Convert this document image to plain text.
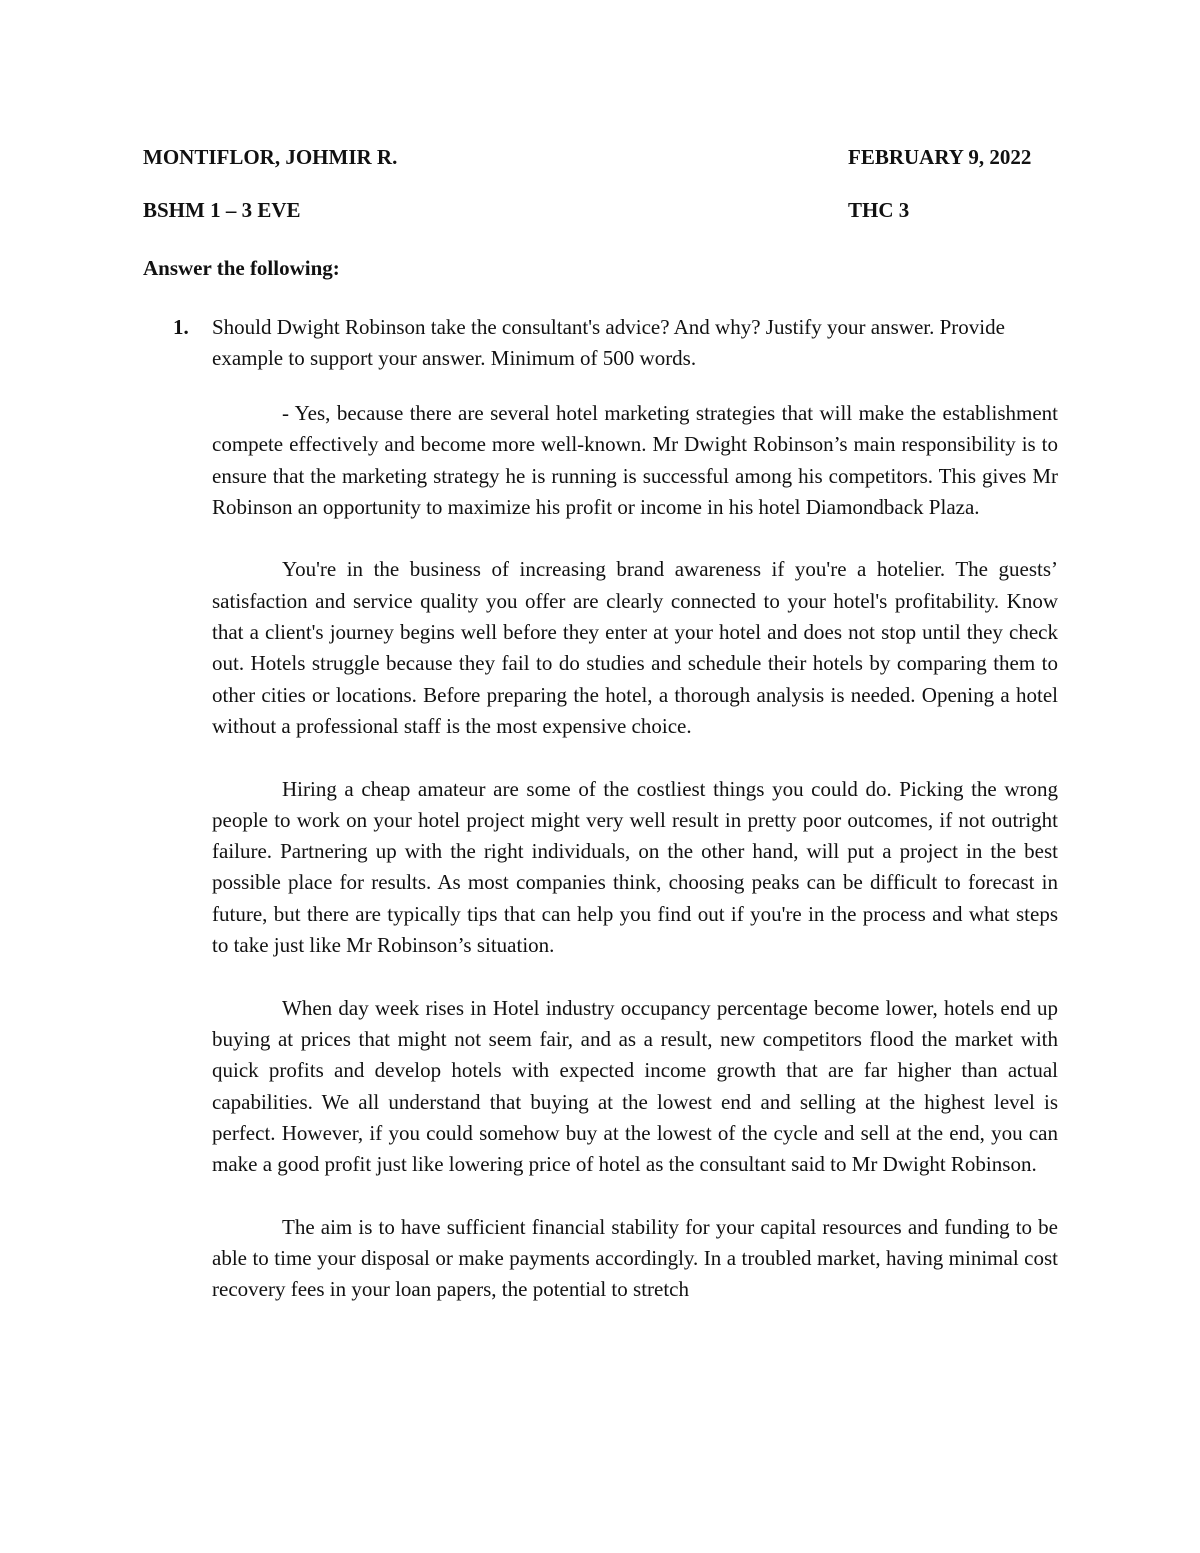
MONTIFLOR, JOHMIR R.	FEBRUARY 9, 2022
BSHM 1 – 3 EVE	THC 3
Answer the following:
1. Should Dwight Robinson take the consultant's advice? And why? Justify your answer. Provide example to support your answer. Minimum of 500 words.

- Yes, because there are several hotel marketing strategies that will make the establishment compete effectively and become more well-known. Mr Dwight Robinson’s main responsibility is to ensure that the marketing strategy he is running is successful among his competitors. This gives Mr Robinson an opportunity to maximize his profit or income in his hotel Diamondback Plaza.

You're in the business of increasing brand awareness if you're a hotelier. The guests’ satisfaction and service quality you offer are clearly connected to your hotel's profitability. Know that a client's journey begins well before they enter at your hotel and does not stop until they check out. Hotels struggle because they fail to do studies and schedule their hotels by comparing them to other cities or locations. Before preparing the hotel, a thorough analysis is needed. Opening a hotel without a professional staff is the most expensive choice.

Hiring a cheap amateur are some of the costliest things you could do. Picking the wrong people to work on your hotel project might very well result in pretty poor outcomes, if not outright failure. Partnering up with the right individuals, on the other hand, will put a project in the best possible place for results. As most companies think, choosing peaks can be difficult to forecast in future, but there are typically tips that can help you find out if you're in the process and what steps to take just like Mr Robinson’s situation.

When day week rises in Hotel industry occupancy percentage become lower, hotels end up buying at prices that might not seem fair, and as a result, new competitors flood the market with quick profits and develop hotels with expected income growth that are far higher than actual capabilities. We all understand that buying at the lowest end and selling at the highest level is perfect. However, if you could somehow buy at the lowest of the cycle and sell at the end, you can make a good profit just like lowering price of hotel as the consultant said to Mr Dwight Robinson.

The aim is to have sufficient financial stability for your capital resources and funding to be able to time your disposal or make payments accordingly. In a troubled market, having minimal cost recovery fees in your loan papers, the potential to stretch
